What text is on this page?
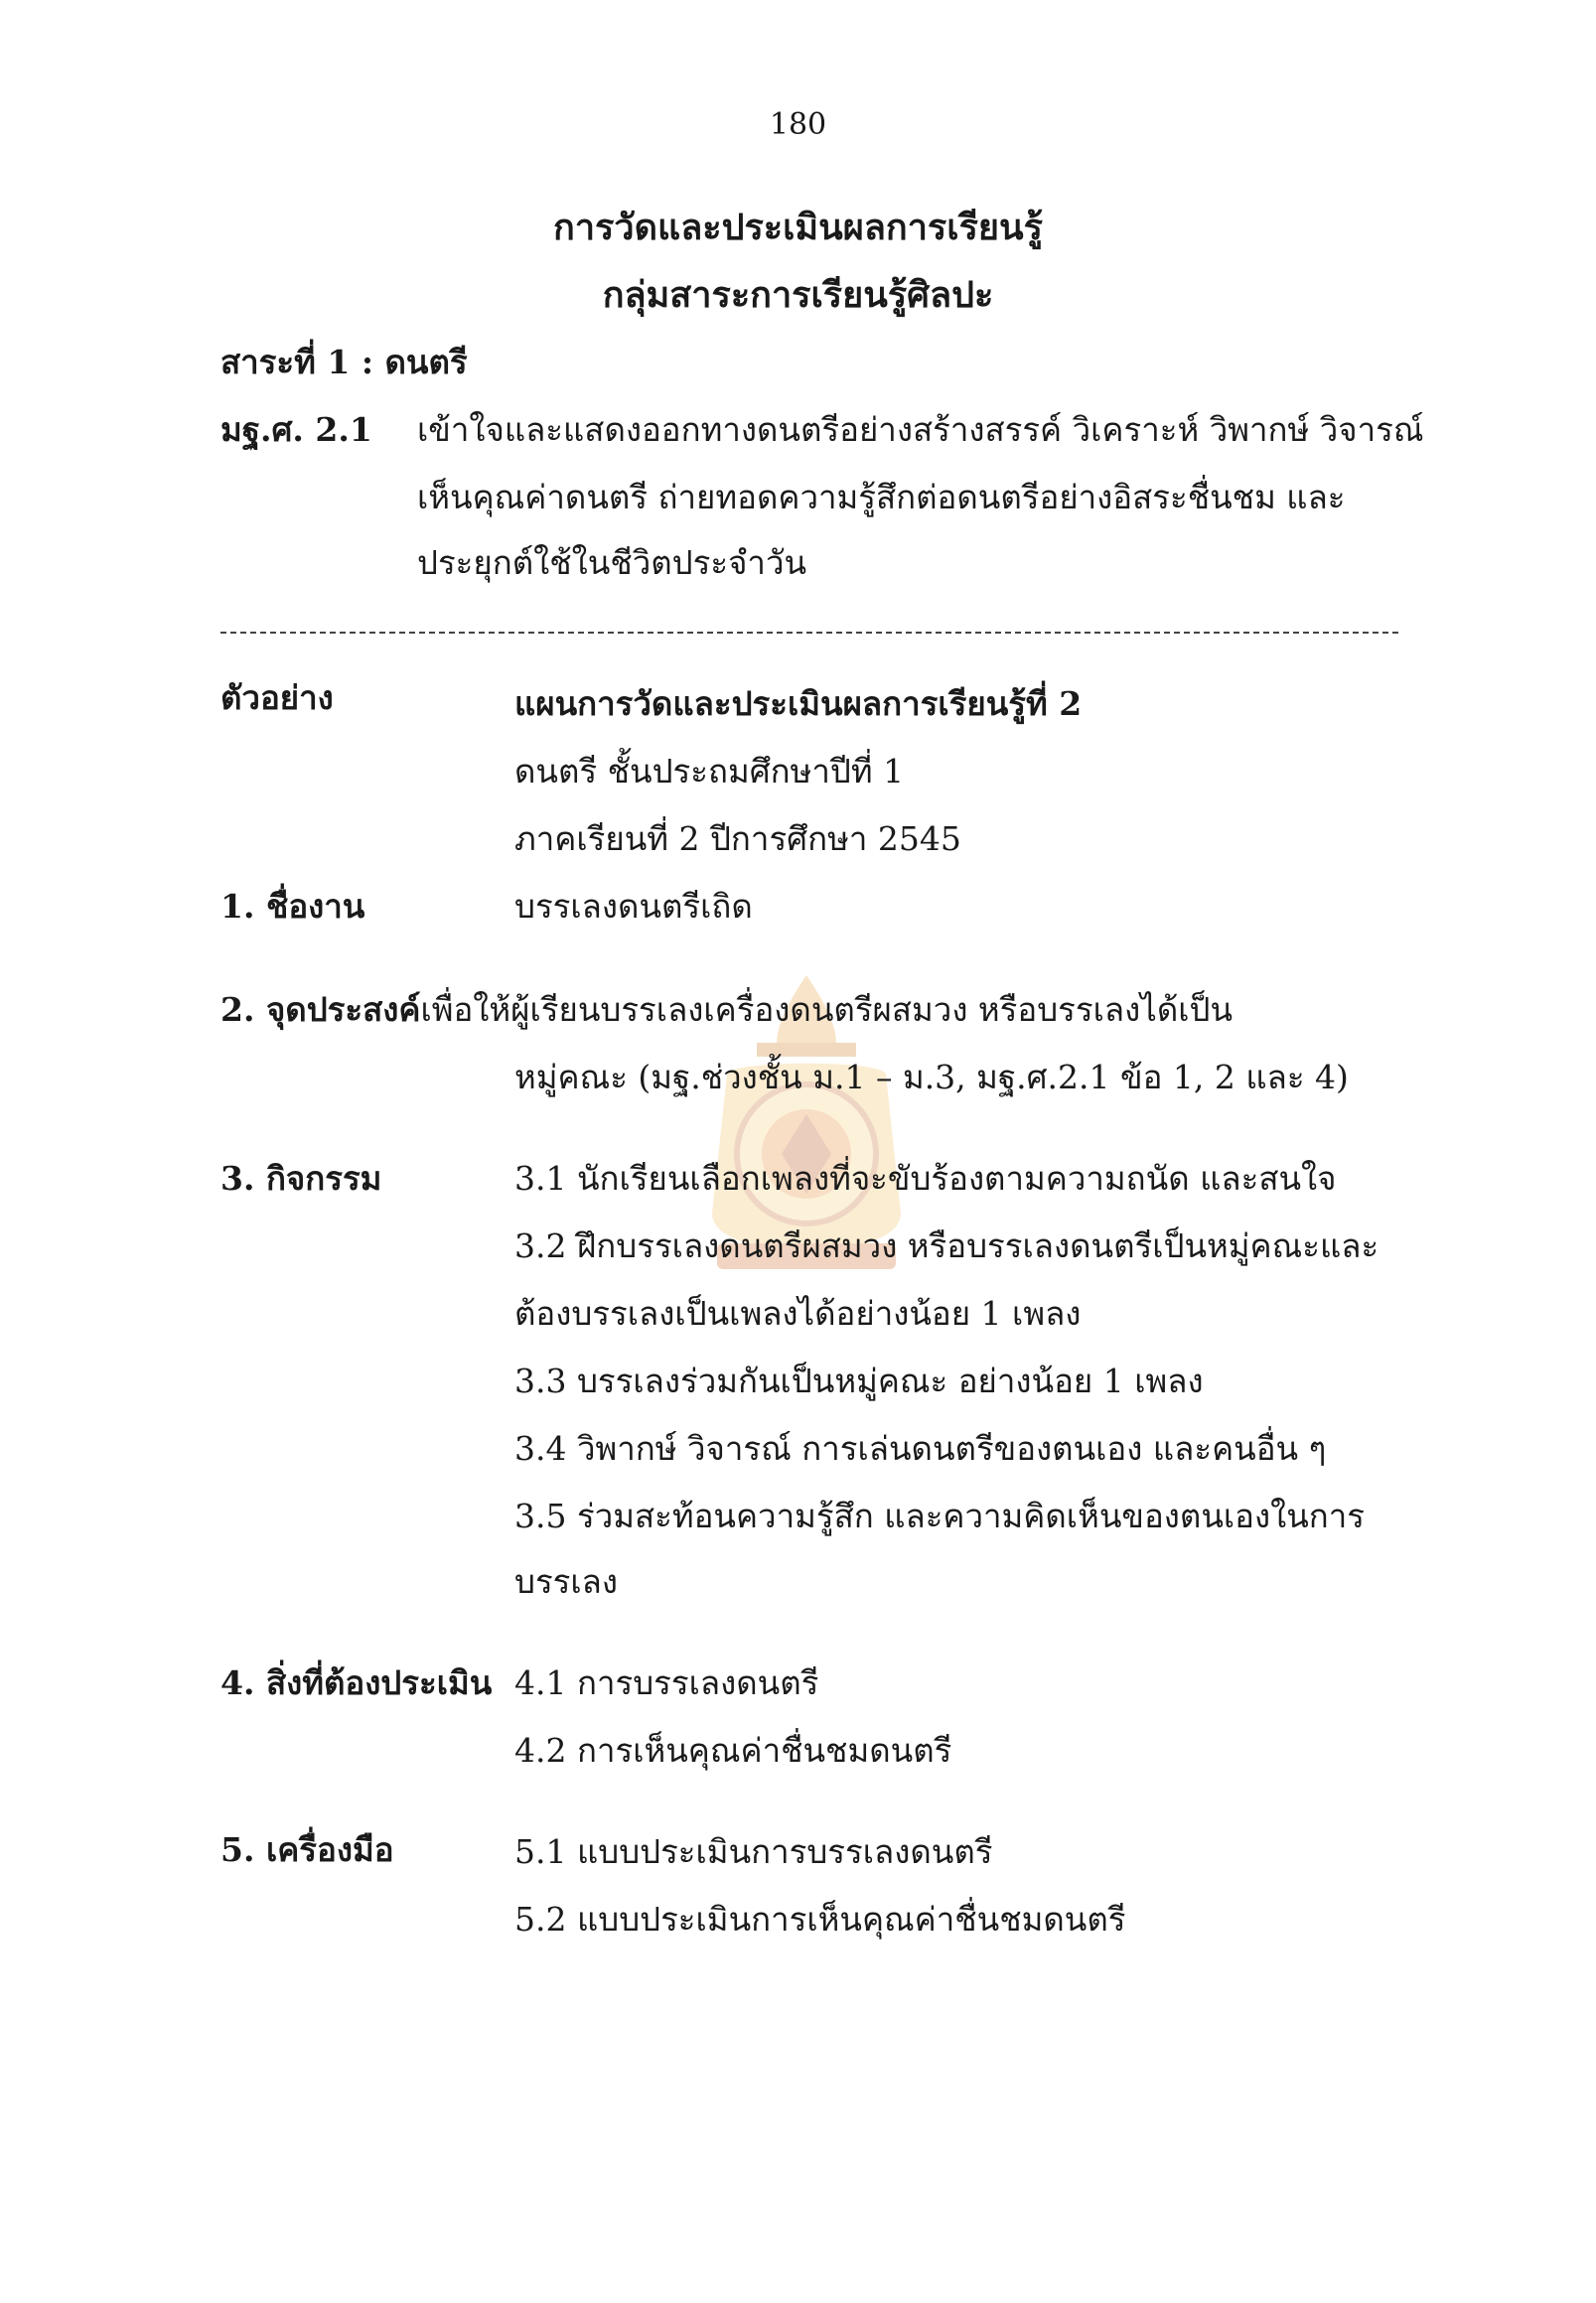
180
การวัดและประเมินผลการเรียนรู้
กลุ่มสาระการเรียนรู้ศิลปะ
สาระที่ 1 : ดนตรี
มฐ.ศ. 2.1 เข้าใจและแสดงออกทางดนตรีอย่างสร้างสรรค์ วิเคราะห์ วิพากษ์ วิจารณ์
เห็นคุณค่าดนตรี ถ่ายทอดความรู้สึกต่อดนตรีอย่างอิสระชื่นชม และ
ประยุกต์ใช้ในชีวิตประจำวัน
ตัวอย่าง	แผนการวัดและประเมินผลการเรียนรู้ที่ 2
ดนตรี ชั้นประถมศึกษาปีที่ 1
ภาคเรียนที่ 2 ปีการศึกษา 2545
1. ชื่องาน	บรรเลงดนตรีเถิด
2. จุดประสงค์เพื่อให้ผู้เรียนบรรเลงเครื่องดนตรีผสมวง หรือบรรเลงได้เป็น
หมู่คณะ (มฐ.ช่วงชั้น ม.1 – ม.3, มฐ.ศ.2.1 ข้อ 1, 2 และ 4)
3. กิจกรรม	3.1 นักเรียนเลือกเพลงที่จะขับร้องตามความถนัด และสนใจ
3.2 ฝึกบรรเลงดนตรีผสมวง หรือบรรเลงดนตรีเป็นหมู่คณะและ
ต้องบรรเลงเป็นเพลงได้อย่างน้อย 1 เพลง
3.3 บรรเลงร่วมกันเป็นหมู่คณะ อย่างน้อย 1 เพลง
3.4 วิพากษ์ วิจารณ์ การเล่นดนตรีของตนเอง และคนอื่น ๆ
3.5 ร่วมสะท้อนความรู้สึก และความคิดเห็นของตนเองในการ
บรรเลง
4. สิ่งที่ต้องประเมิน 4.1 การบรรเลงดนตรี
4.2 การเห็นคุณค่าชื่นชมดนตรี
5. เครื่องมือ	5.1 แบบประเมินการบรรเลงดนตรี
5.2 แบบประเมินการเห็นคุณค่าชื่นชมดนตรี
